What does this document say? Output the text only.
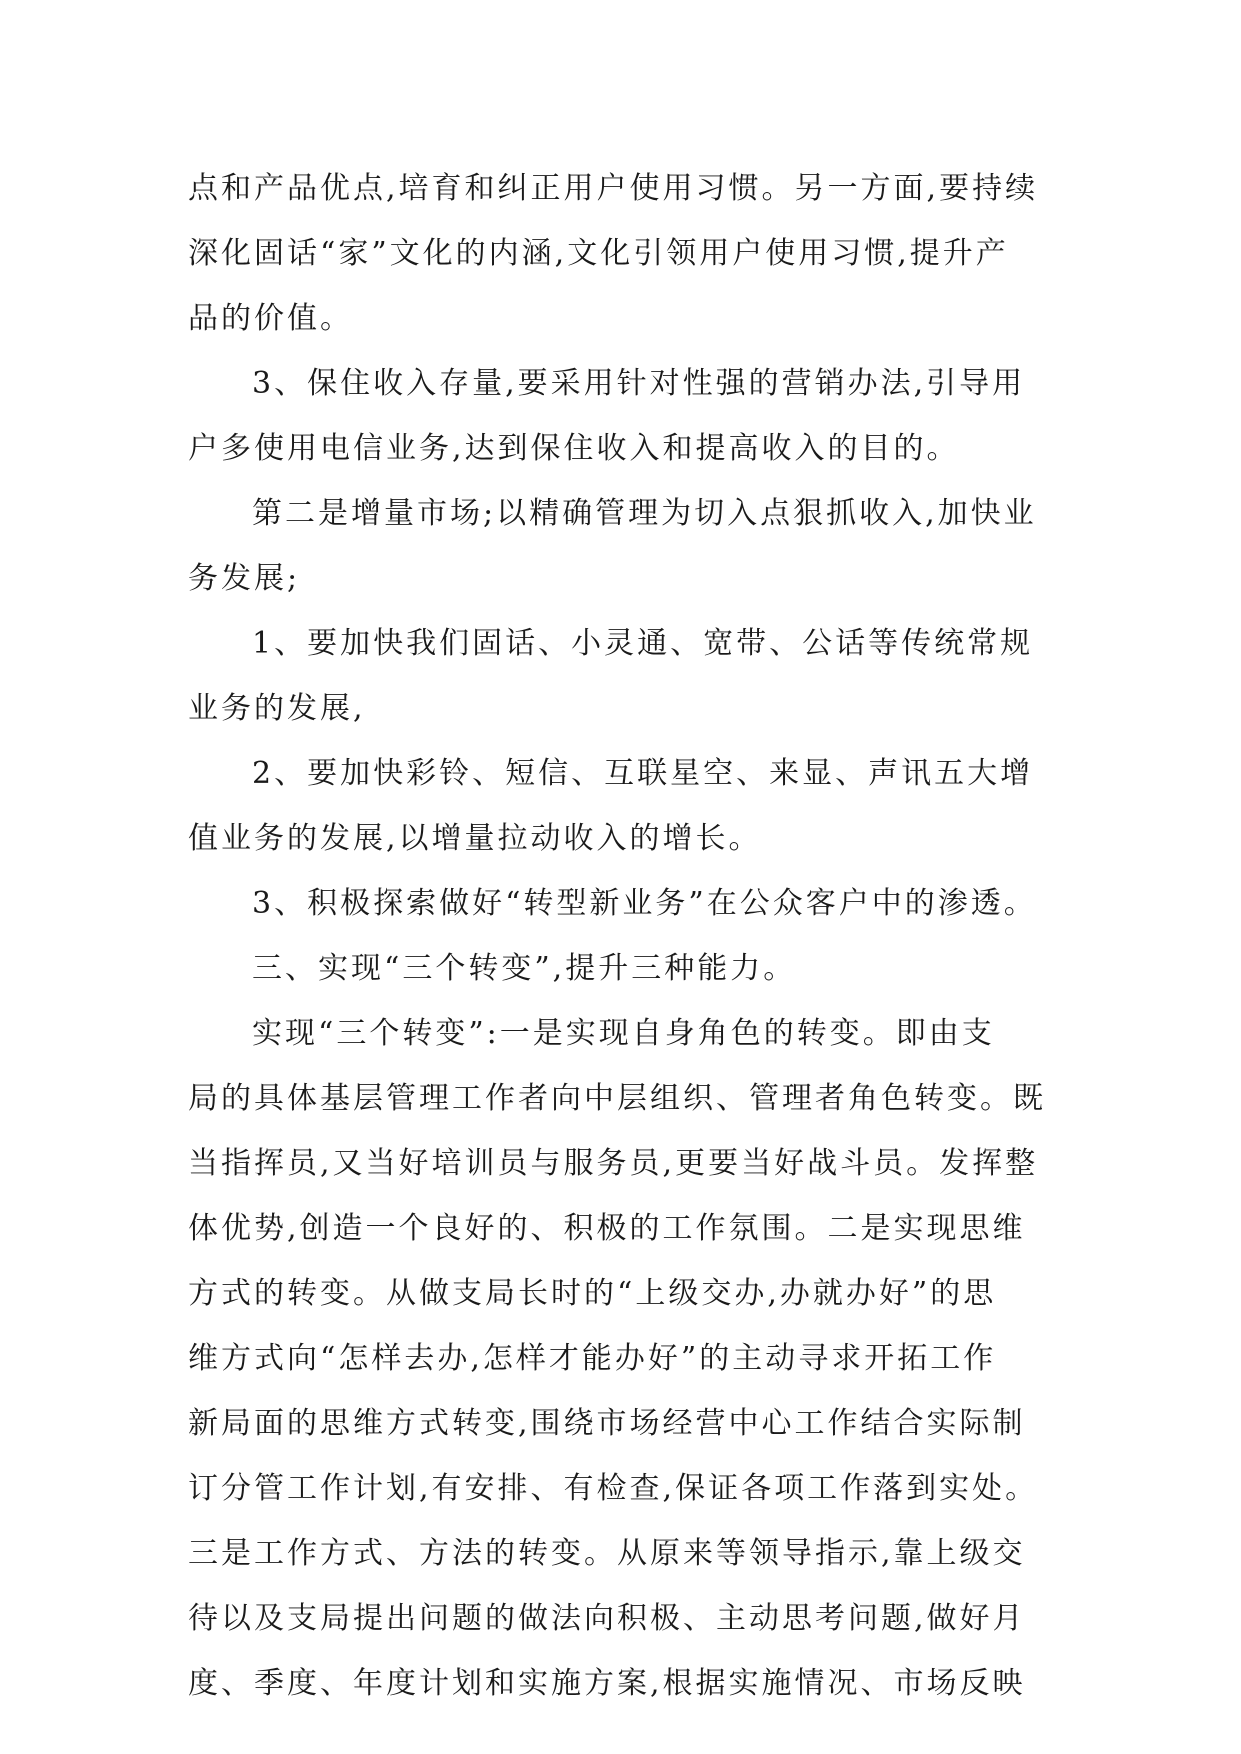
点和产品优点,培育和纠正用户使用习惯。另一方面,要持续
深化固话“家”文化的内涵,文化引领用户使用习惯,提升产
品的价值。
3、保住收入存量,要采用针对性强的营销办法,引导用
户多使用电信业务,达到保住收入和提高收入的目的。
第二是增量市场;以精确管理为切入点狠抓收入,加快业
务发展;
1、要加快我们固话、小灵通、宽带、公话等传统常规
业务的发展,
2、要加快彩铃、短信、互联星空、来显、声讯五大增
值业务的发展,以增量拉动收入的增长。
3、积极探索做好“转型新业务”在公众客户中的渗透。
三、实现“三个转变”,提升三种能力。
实现“三个转变”:一是实现自身角色的转变。即由支
局的具体基层管理工作者向中层组织、管理者角色转变。既
当指挥员,又当好培训员与服务员,更要当好战斗员。发挥整
体优势,创造一个良好的、积极的工作氛围。二是实现思维
方式的转变。从做支局长时的“上级交办,办就办好”的思
维方式向“怎样去办,怎样才能办好”的主动寻求开拓工作
新局面的思维方式转变,围绕市场经营中心工作结合实际制
订分管工作计划,有安排、有检查,保证各项工作落到实处。
三是工作方式、方法的转变。从原来等领导指示,靠上级交
待以及支局提出问题的做法向积极、主动思考问题,做好月
度、季度、年度计划和实施方案,根据实施情况、市场反映
